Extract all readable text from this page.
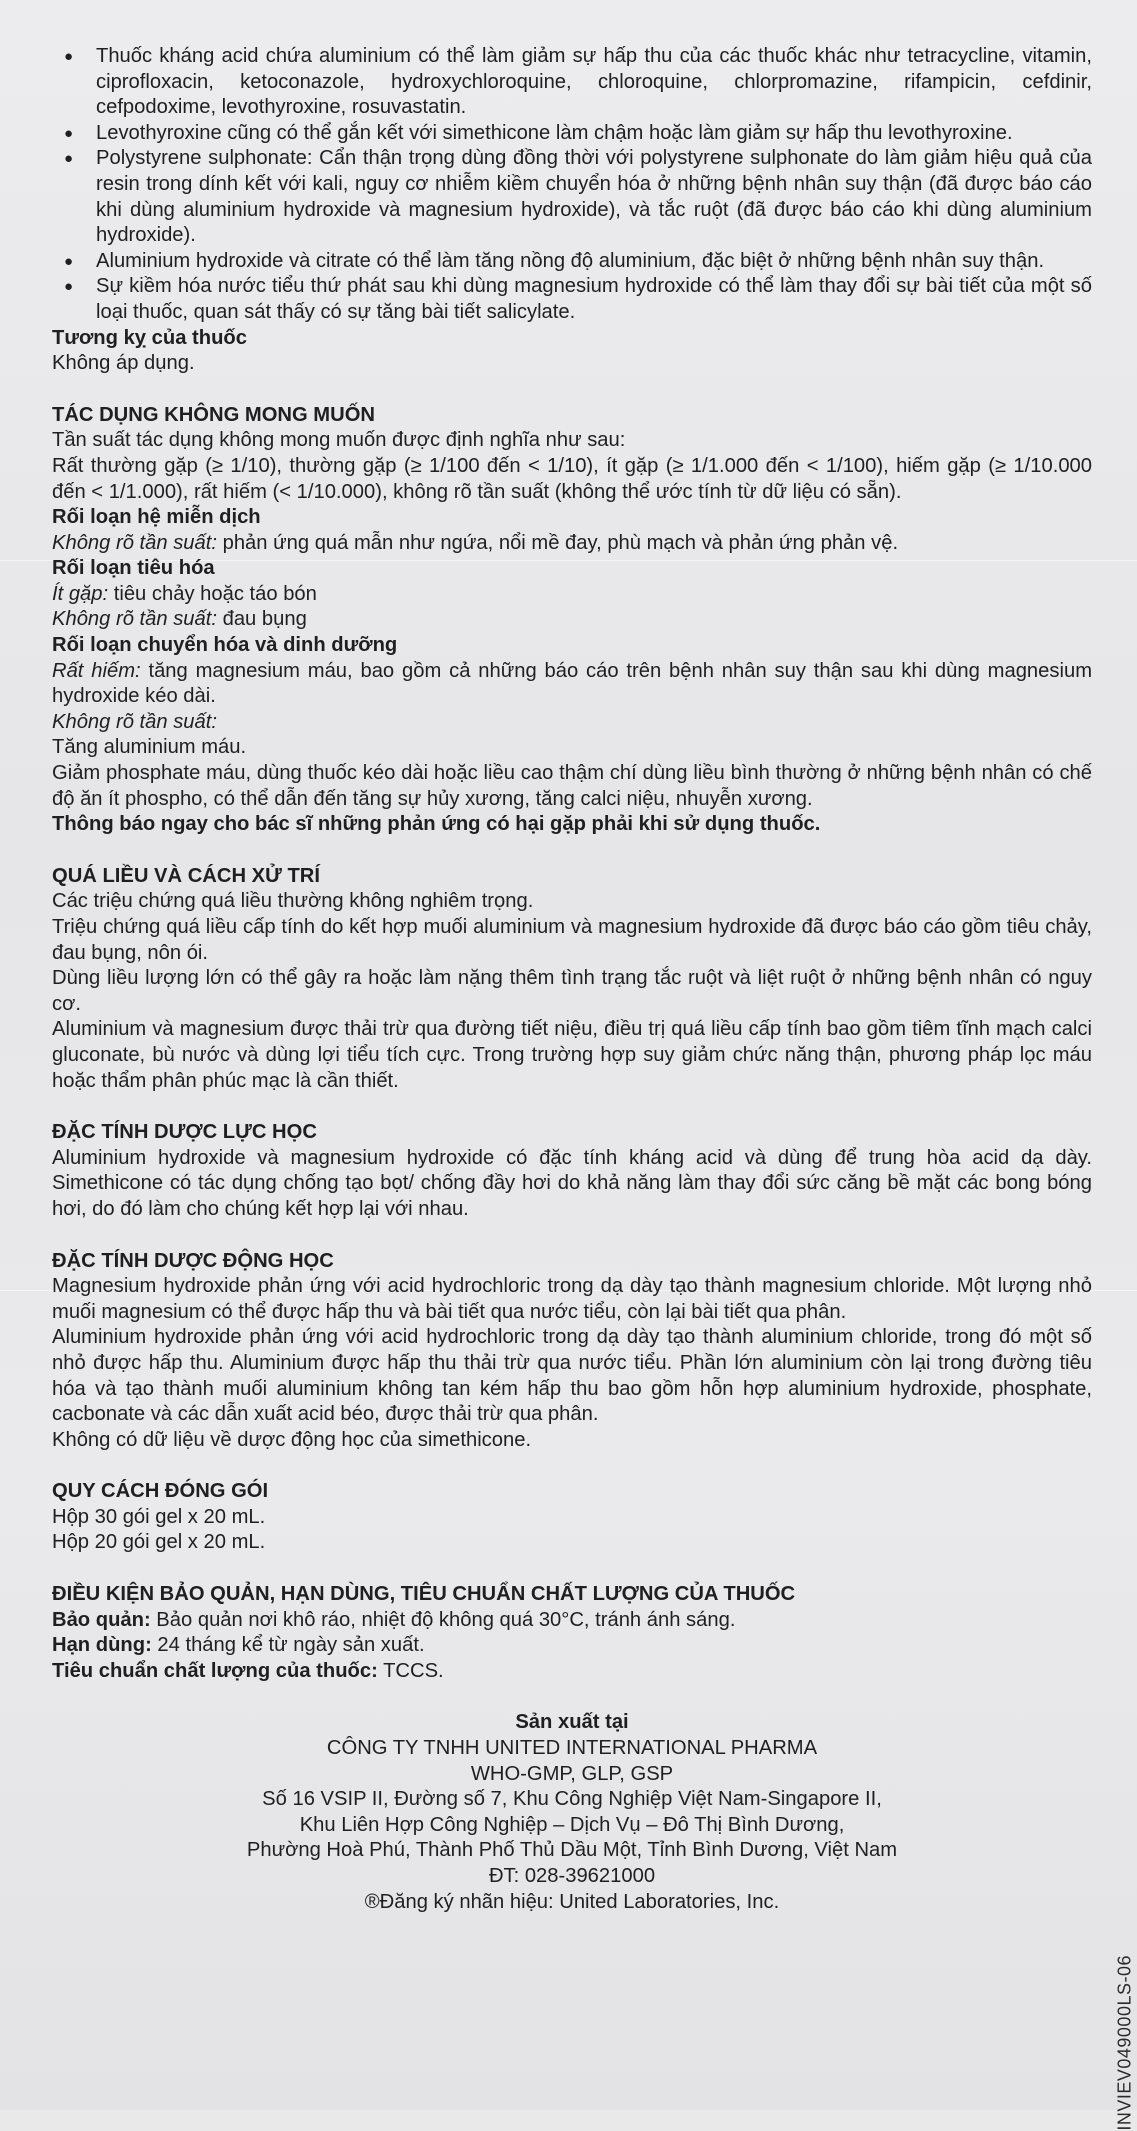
● Thuốc kháng acid chứa aluminium có thể làm giảm sự hấp thu của các thuốc khác như tetracycline, vitamin, ciprofloxacin, ketoconazole, hydroxychloroquine, chloroquine, chlorpromazine, rifampicin, cefdinir, cefpodoxime, levothyroxine, rosuvastatin.
● Levothyroxine cũng có thể gắn kết với simethicone làm chậm hoặc làm giảm sự hấp thu levothyroxine.
● Polystyrene sulphonate: Cẩn thận trọng dùng đồng thời với polystyrene sulphonate do làm giảm hiệu quả của resin trong dính kết với kali, nguy cơ nhiễm kiềm chuyển hóa ở những bệnh nhân suy thận (đã được báo cáo khi dùng aluminium hydroxide và magnesium hydroxide), và tắc ruột (đã được báo cáo khi dùng aluminium hydroxide).
● Aluminium hydroxide và citrate có thể làm tăng nồng độ aluminium, đặc biệt ở những bệnh nhân suy thận.
● Sự kiềm hóa nước tiểu thứ phát sau khi dùng magnesium hydroxide có thể làm thay đổi sự bài tiết của một số loại thuốc, quan sát thấy có sự tăng bài tiết salicylate.

Tương kỵ của thuốc

Không áp dụng.

TÁC DỤNG KHÔNG MONG MUỐN

Tần suất tác dụng không mong muốn được định nghĩa như sau:

Rất thường gặp (≥ 1/10), thường gặp (≥ 1/100 đến < 1/10), ít gặp (≥ 1/1.000 đến < 1/100), hiếm gặp (≥ 1/10.000 đến < 1/1.000), rất hiếm (< 1/10.000), không rõ tần suất (không thể ước tính từ dữ liệu có sẵn).

Rối loạn hệ miễn dịch

Không rõ tần suất: phản ứng quá mẫn như ngứa, nổi mề đay, phù mạch và phản ứng phản vệ.

Rối loạn tiêu hóa

Ít gặp: tiêu chảy hoặc táo bón

Không rõ tần suất: đau bụng

Rối loạn chuyển hóa và dinh dưỡng

Rất hiếm: tăng magnesium máu, bao gồm cả những báo cáo trên bệnh nhân suy thận sau khi dùng magnesium hydroxide kéo dài.

Không rõ tần suất:

Tăng aluminium máu.

Giảm phosphate máu, dùng thuốc kéo dài hoặc liều cao thậm chí dùng liều bình thường ở những bệnh nhân có chế độ ăn ít phospho, có thể dẫn đến tăng sự hủy xương, tăng calci niệu, nhuyễn xương.

Thông báo ngay cho bác sĩ những phản ứng có hại gặp phải khi sử dụng thuốc.

QUÁ LIỀU VÀ CÁCH XỬ TRÍ

Các triệu chứng quá liều thường không nghiêm trọng.

Triệu chứng quá liều cấp tính do kết hợp muối aluminium và magnesium hydroxide đã được báo cáo gồm tiêu chảy, đau bụng, nôn ói.

Dùng liều lượng lớn có thể gây ra hoặc làm nặng thêm tình trạng tắc ruột và liệt ruột ở những bệnh nhân có nguy cơ.

Aluminium và magnesium được thải trừ qua đường tiết niệu, điều trị quá liều cấp tính bao gồm tiêm tĩnh mạch calci gluconate, bù nước và dùng lợi tiểu tích cực. Trong trường hợp suy giảm chức năng thận, phương pháp lọc máu hoặc thẩm phân phúc mạc là cần thiết.

ĐẶC TÍNH DƯỢC LỰC HỌC

Aluminium hydroxide và magnesium hydroxide có đặc tính kháng acid và dùng để trung hòa acid dạ dày. Simethicone có tác dụng chống tạo bọt/ chống đầy hơi do khả năng làm thay đổi sức căng bề mặt các bong bóng hơi, do đó làm cho chúng kết hợp lại với nhau.

ĐẶC TÍNH DƯỢC ĐỘNG HỌC

Magnesium hydroxide phản ứng với acid hydrochloric trong dạ dày tạo thành magnesium chloride. Một lượng nhỏ muối magnesium có thể được hấp thu và bài tiết qua nước tiểu, còn lại bài tiết qua phân.

Aluminium hydroxide phản ứng với acid hydrochloric trong dạ dày tạo thành aluminium chloride, trong đó một số nhỏ được hấp thu. Aluminium được hấp thu thải trừ qua nước tiểu. Phần lớn aluminium còn lại trong đường tiêu hóa và tạo thành muối aluminium không tan kém hấp thu bao gồm hỗn hợp aluminium hydroxide, phosphate, cacbonate và các dẫn xuất acid béo, được thải trừ qua phân.

Không có dữ liệu về dược động học của simethicone.

QUY CÁCH ĐÓNG GÓI

Hộp 30 gói gel x 20 mL.

Hộp 20 gói gel x 20 mL.

ĐIỀU KIỆN BẢO QUẢN, HẠN DÙNG, TIÊU CHUẨN CHẤT LƯỢNG CỦA THUỐC

Bảo quản: Bảo quản nơi khô ráo, nhiệt độ không quá 30°C, tránh ánh sáng.

Hạn dùng: 24 tháng kể từ ngày sản xuất.

Tiêu chuẩn chất lượng của thuốc: TCCS.

Sản xuất tại

CÔNG TY TNHH UNITED INTERNATIONAL PHARMA

WHO-GMP, GLP, GSP

Số 16 VSIP II, Đường số 7, Khu Công Nghiệp Việt Nam-Singapore II,

Khu Liên Hợp Công Nghiệp – Dịch Vụ – Đô Thị Bình Dương,

Phường Hoà Phú, Thành Phố Thủ Dầu Một, Tỉnh Bình Dương, Việt Nam

ĐT: 028-39621000

®Đăng ký nhãn hiệu: United Laboratories, Inc.

INVIEV049000LS-06
